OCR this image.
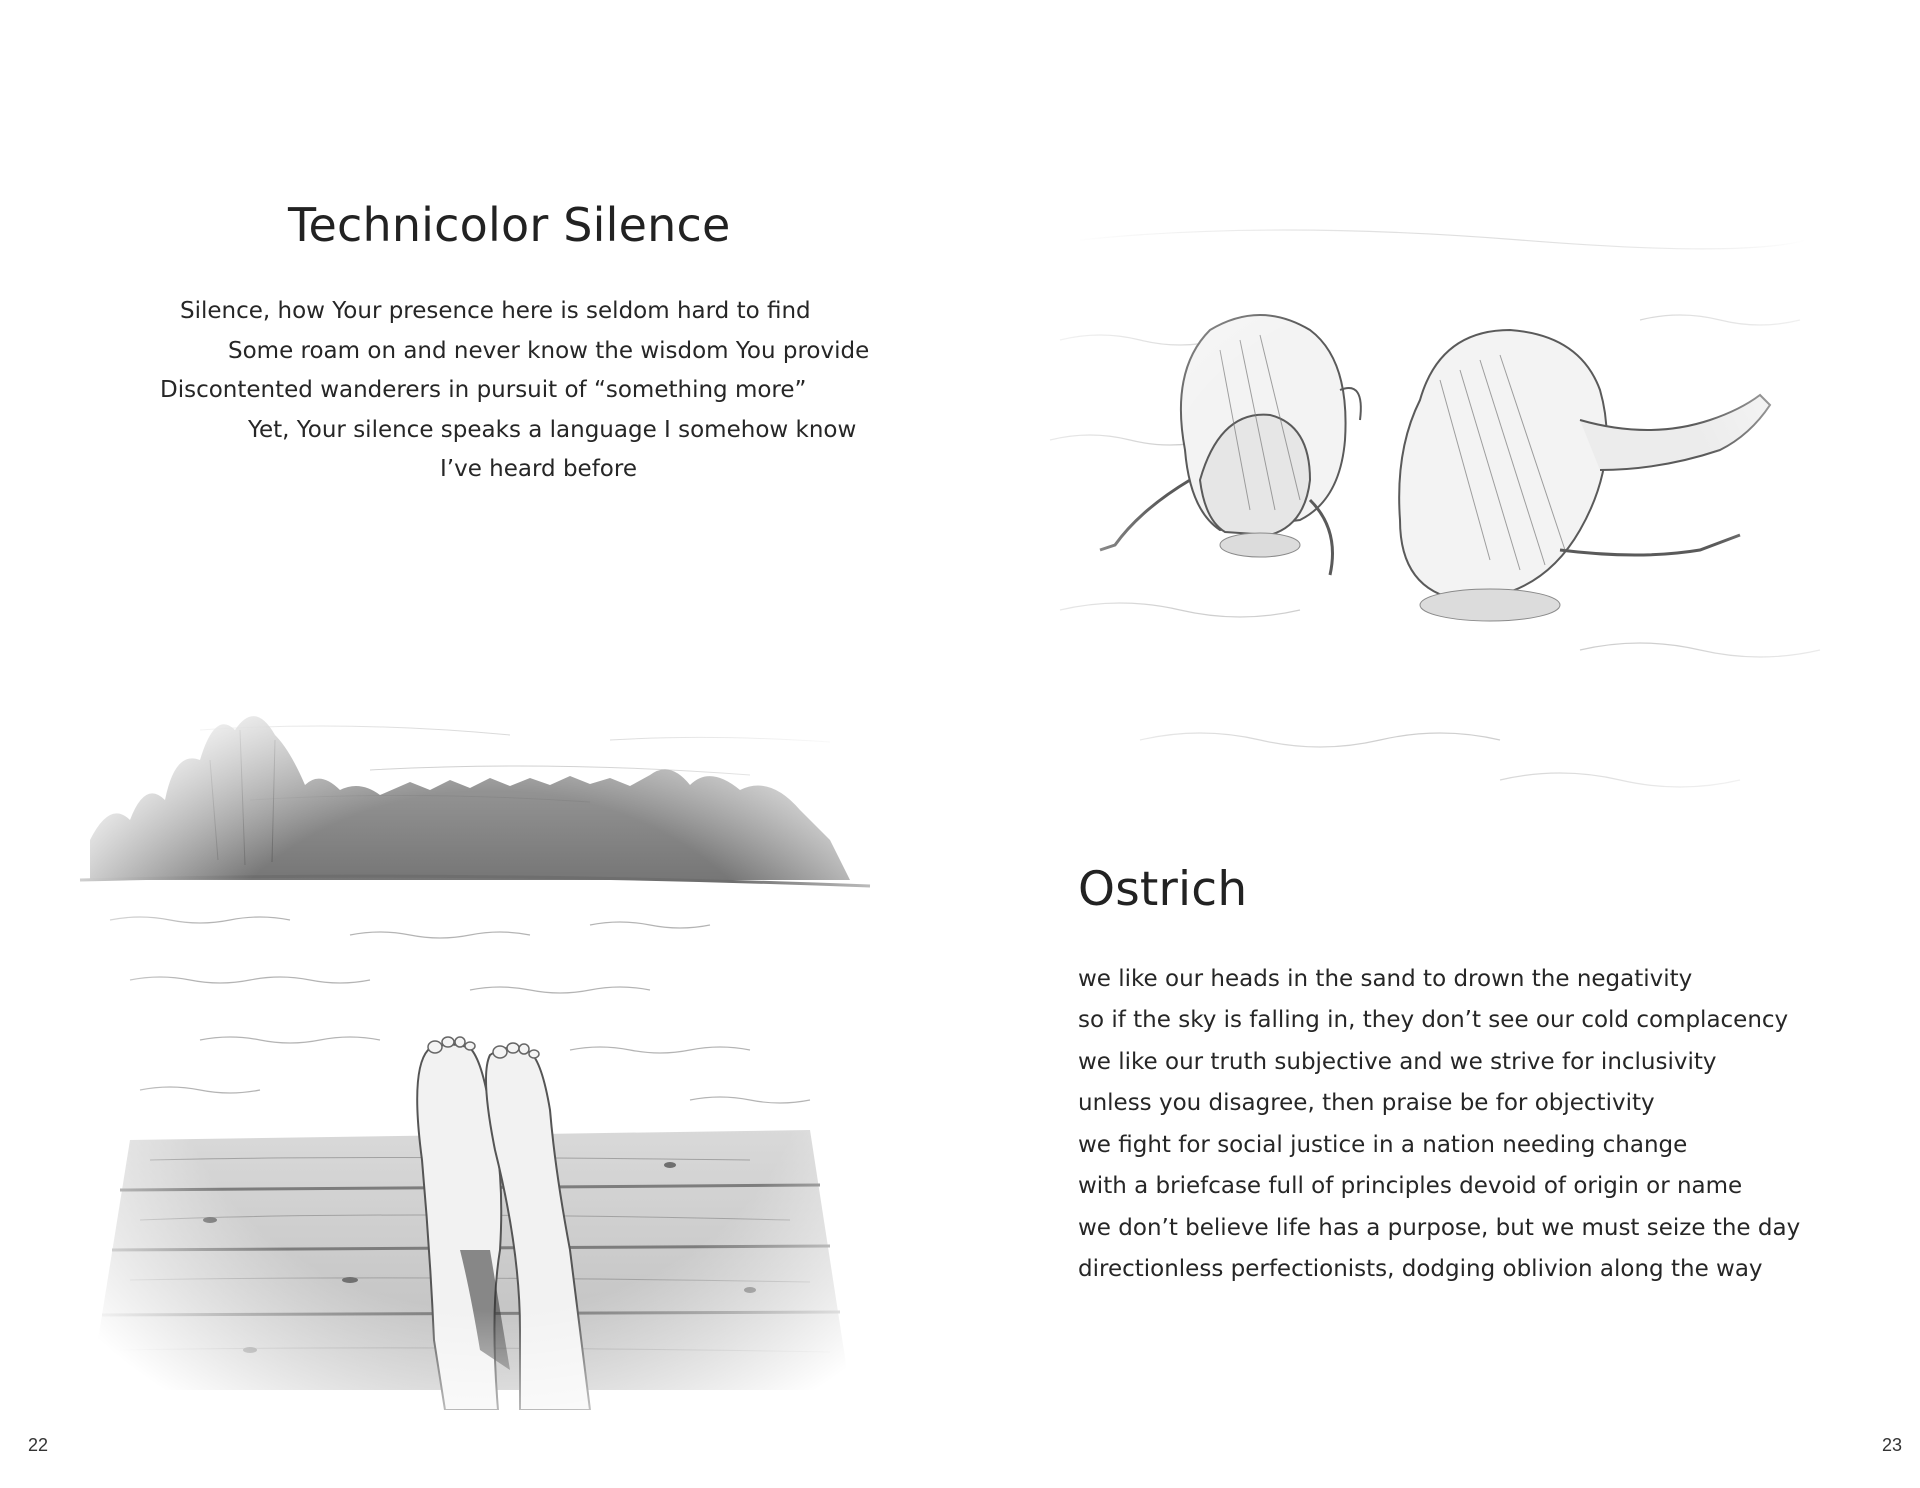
Technicolor Silence
Silence, how Your presence here is seldom hard to find
Some roam on and never know the wisdom You provide
Discontented wanderers in pursuit of “something more”
Yet, Your silence speaks a language I somehow know
I’ve heard before
22
Ostrich
we like our heads in the sand to drown the negativity
so if the sky is falling in, they don’t see our cold complacency
we like our truth subjective and we strive for inclusivity
unless you disagree, then praise be for objectivity
we fight for social justice in a nation needing change
with a briefcase full of principles devoid of origin or name
we don’t believe life has a purpose, but we must seize the day
directionless perfectionists, dodging oblivion along the way
23
